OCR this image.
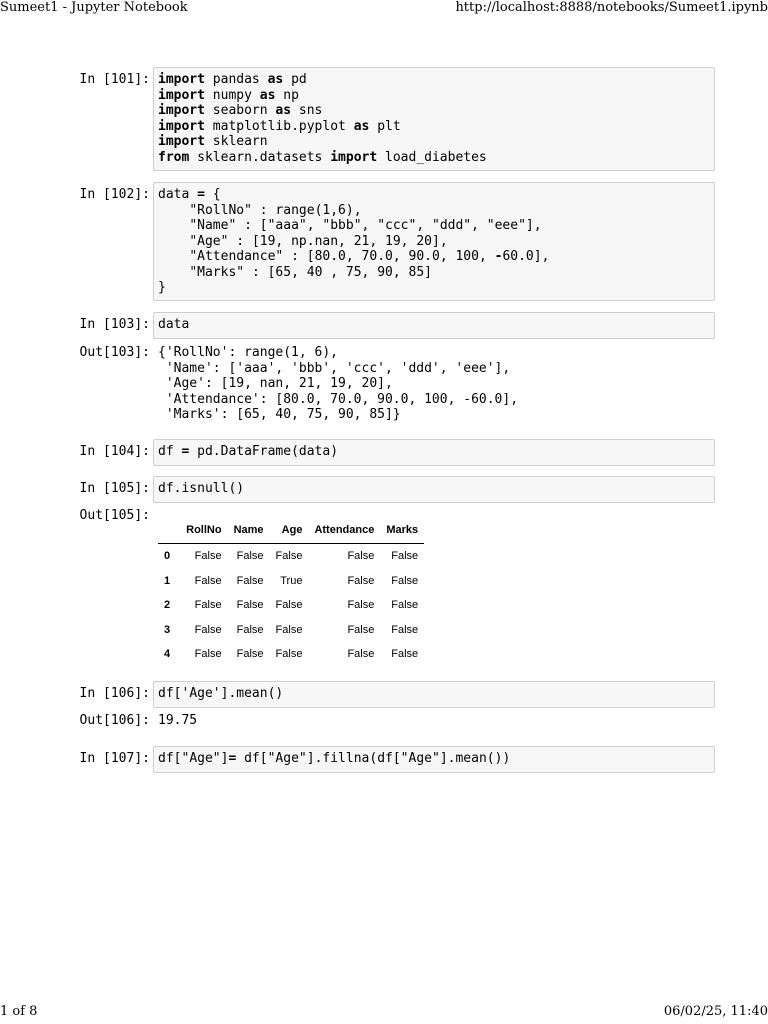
Sumeet1 - Jupyter Notebook	http://localhost:8888/notebooks/Sumeet1.ipynb
In [101]: import pandas as pd
import numpy as np
import seaborn as sns
import matplotlib.pyplot as plt
import sklearn
from sklearn.datasets import load_diabetes
In [102]: data = {
"RollNo" : range(1,6),
"Name" : ["aaa", "bbb", "ccc", "ddd", "eee"],
"Age" : [19, np.nan, 21, 19, 20],
"Attendance" : [80.0, 70.0, 90.0, 100, -60.0],
"Marks" : [65, 40 , 75, 90, 85]
}
In [103]: data
Out[103]: {'RollNo': range(1, 6),
'Name': ['aaa', 'bbb', 'ccc', 'ddd', 'eee'],
'Age': [19, nan, 21, 19, 20],
'Attendance': [80.0, 70.0, 90.0, 100, -60.0],
'Marks': [65, 40, 75, 90, 85]}
In [104]: df = pd.DataFrame(data)
In [105]: df.isnull()
Out[105]:
	RollNo	Name	Age	Attendance	Marks
0	False	False	False	False	False
1	False	False	True	False	False
2	False	False	False	False	False
3	False	False	False	False	False
4	False	False	False	False	False
In [106]: df['Age'].mean()
Out[106]: 19.75
In [107]: df["Age"]= df["Age"].fillna(df["Age"].mean())
1 of 8	06/02/25, 11:40
